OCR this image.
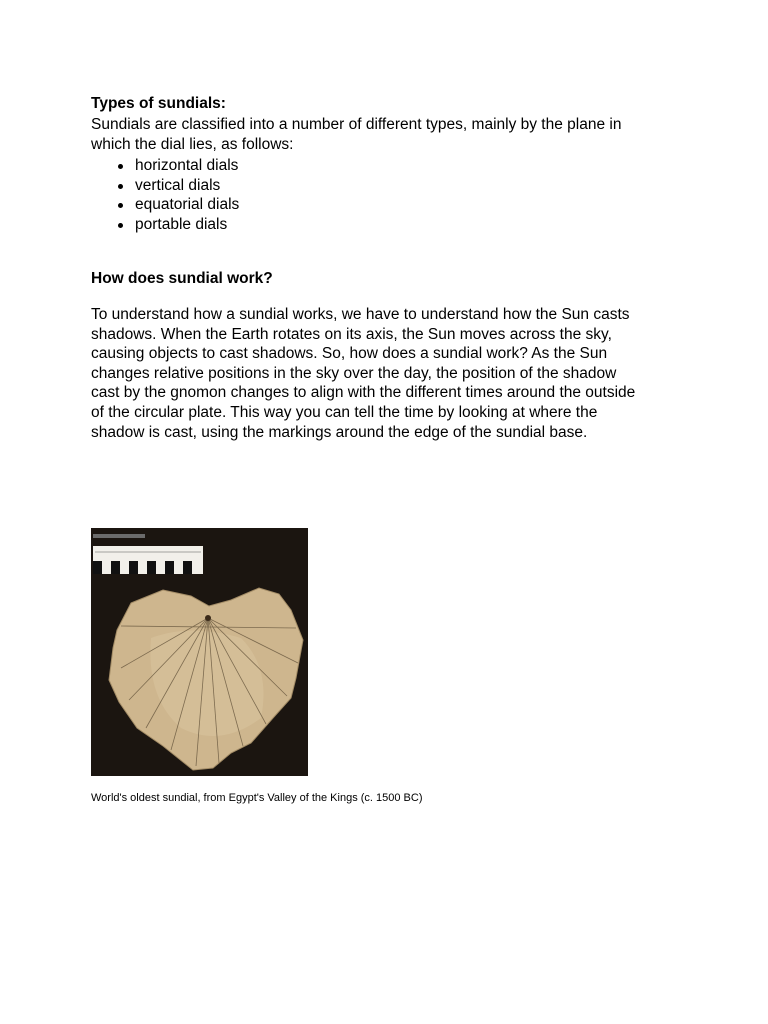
Types of sundials:

Sundials are classified into a number of different types, mainly by the plane in
which the dial lies, as follows:

horizontal dials
vertical dials
equatorial dials
portable dials
How does sundial work?

To understand how a sundial works, we have to understand how the Sun casts
shadows. When the Earth rotates on its axis, the Sun moves across the sky,
causing objects to cast shadows. So, how does a sundial work? As the Sun
changes relative positions in the sky over the day, the position of the shadow
cast by the gnomon changes to align with the different times around the outside
of the circular plate. This way you can tell the time by looking at where the
shadow is cast, using the markings around the edge of the sundial base.

World's oldest sundial, from Egypt's Valley of the Kings (c. 1500 BC)
